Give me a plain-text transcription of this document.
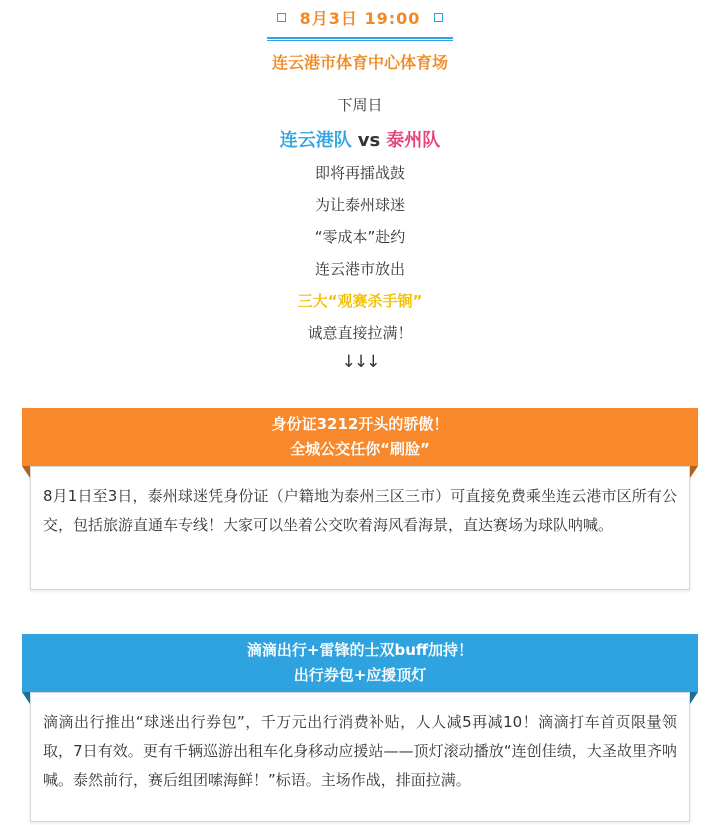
8月3日 19:00
连云港市体育中心体育场
下周日
连云港队 vs 泰州队
即将再擂战鼓
为让泰州球迷
“零成本”赴约
连云港市放出
三大“观赛杀手锏”
诚意直接拉满！
↓↓↓
身份证3212开头的骄傲！
全城公交任你“刷脸”
8月1日至3日，泰州球迷凭身份证（户籍地为泰州三区三市）可直接免费乘坐连云港市区所有公交，包括旅游直通车专线！大家可以坐着公交吹着海风看海景，直达赛场为球队呐喊。
滴滴出行+雷锋的士双buff加持！
出行券包+应援顶灯
滴滴出行推出“球迷出行券包”，千万元出行消费补贴，人人减5再减10！滴滴打车首页限量领取，7日有效。更有千辆巡游出租车化身移动应援站——顶灯滚动播放“连创佳绩，大圣故里齐呐喊。泰然前行，赛后组团嗦海鲜！”标语。主场作战，排面拉满。
